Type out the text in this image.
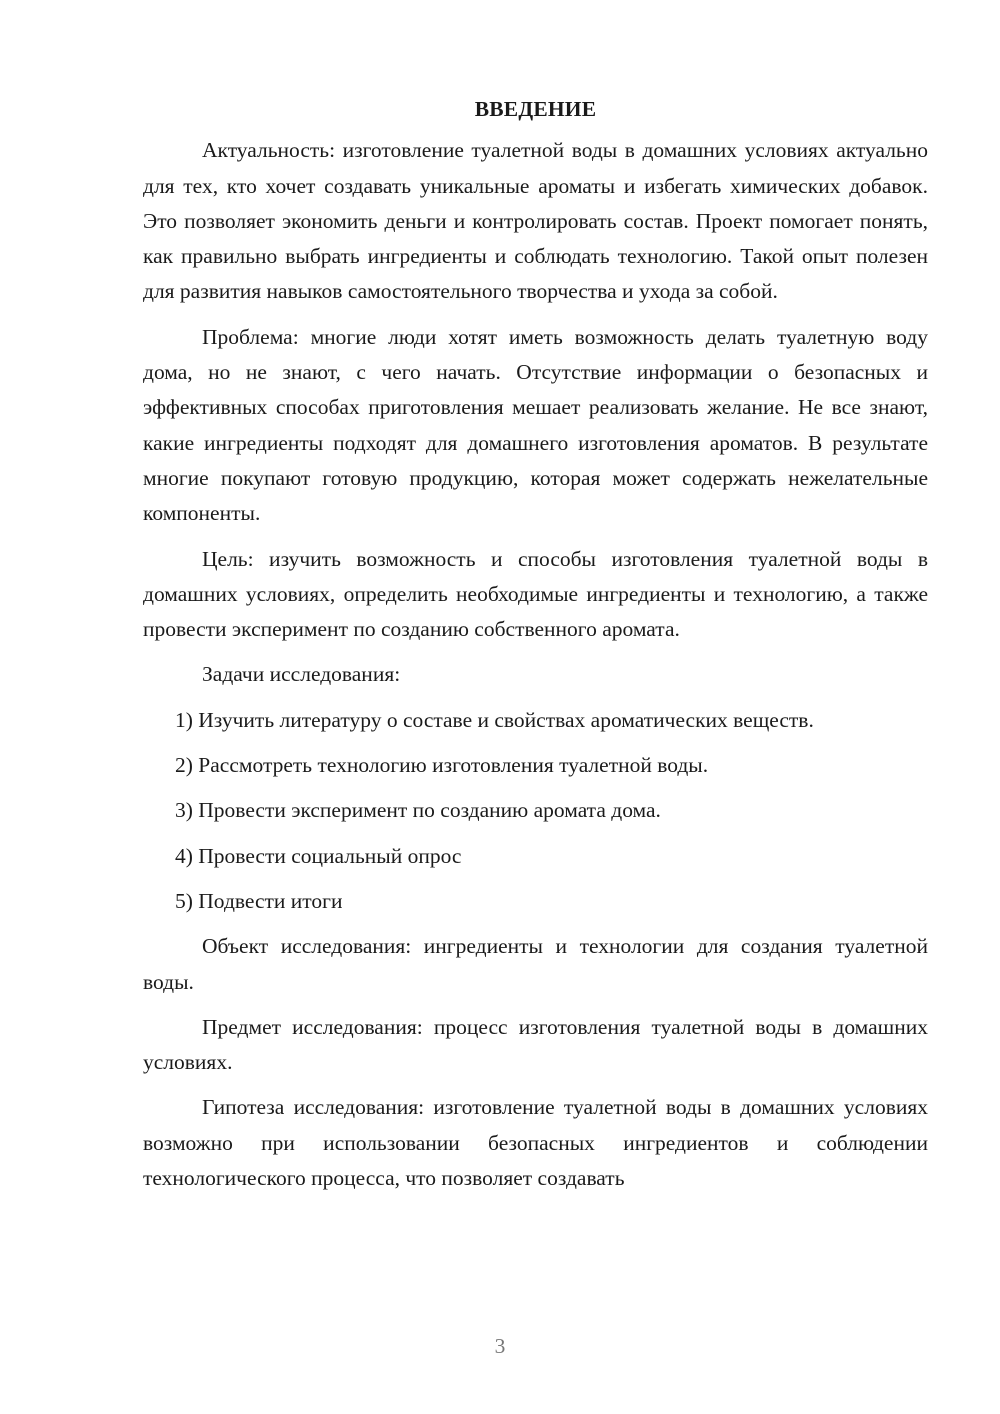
ВВЕДЕНИЕ

Актуальность: изготовление туалетной воды в домашних условиях актуально для тех, кто хочет создавать уникальные ароматы и избегать химических добавок. Это позволяет экономить деньги и контролировать состав. Проект помогает понять, как правильно выбрать ингредиенты и соблюдать технологию. Такой опыт полезен для развития навыков самостоятельного творчества и ухода за собой.

Проблема: многие люди хотят иметь возможность делать туалетную воду дома, но не знают, с чего начать. Отсутствие информации о безопасных и эффективных способах приготовления мешает реализовать желание. Не все знают, какие ингредиенты подходят для домашнего изготовления ароматов. В результате многие покупают готовую продукцию, которая может содержать нежелательные компоненты.

Цель: изучить возможность и способы изготовления туалетной воды в домашних условиях, определить необходимые ингредиенты и технологию, а также провести эксперимент по созданию собственного аромата.

Задачи исследования:

1) Изучить литературу о составе и свойствах ароматических веществ.
2) Рассмотреть технологию изготовления туалетной воды.
3) Провести эксперимент по созданию аромата дома.
4) Провести социальный опрос
5) Подвести итоги

Объект исследования: ингредиенты и технологии для создания туалетной воды.

Предмет исследования: процесс изготовления туалетной воды в домашних условиях.

Гипотеза исследования: изготовление туалетной воды в домашних условиях возможно при использовании безопасных ингредиентов и соблюдении технологического процесса, что позволяет создавать

3
